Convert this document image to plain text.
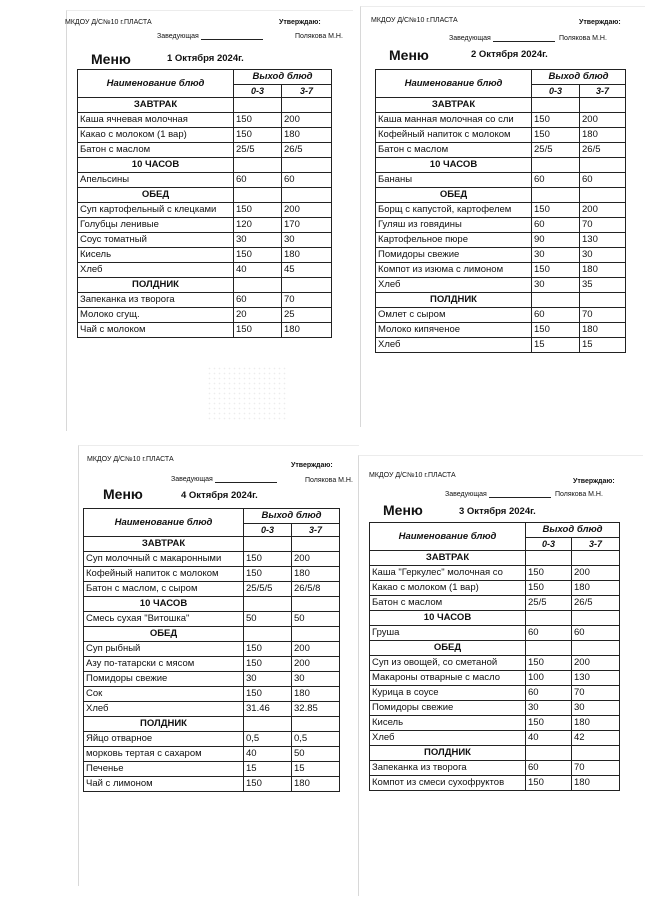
МКДОУ Д/С№10 г.ПЛАСТА	Утверждаю:
Заведующая	Полякова М.Н.
Меню	1 Октября 2024г.
Наименование блюд	Выход блюд	
	0-3	3-7
ЗАВТРАК		
Каша ячневая молочная	150	200
Какао с молоком (1 вар)	150	180
Батон с маслом	25/5	26/5
10 ЧАСОВ		
Апельсины	60	60
ОБЕД		
Суп картофельный с клецками	150	200
Голубцы ленивые	120	170
Соус томатный	30	30
Кисель	150	180
Хлеб	40	45
ПОЛДНИК		
Запеканка из творога	60	70
Молоко сгущ.	20	25
Чай с молоком	150	180
МКДОУ Д/С№10 г.ПЛАСТА	Утверждаю:
Заведующая	Полякова М.Н.
Меню	2 Октября 2024г.
Наименование блюд	Выход блюд	
	0-3	3-7
ЗАВТРАК		
Каша манная молочная со сли	150	200
Кофейный напиток с молоком	150	180
Батон с маслом	25/5	26/5
10 ЧАСОВ		
Бананы	60	60
ОБЕД		
Борщ с капустой, картофелем	150	200
Гуляш из говядины	60	70
Картофельное пюре	90	130
Помидоры свежие	30	30
Компот из изюма с лимоном	150	180
Хлеб	30	35
ПОЛДНИК		
Омлет с сыром	60	70
Молоко кипяченое	150	180
Хлеб	15	15
МКДОУ Д/С№10 г.ПЛАСТА
Утверждаю:
Заведующая	Полякова М.Н.
Меню	4 Октября 2024г.
Наименование блюд	Выход блюд	
	0-3	3-7
ЗАВТРАК		
Суп молочный с макаронными	150	200
Кофейный напиток с молоком	150	180
Батон с маслом, с сыром	25/5/5	26/5/8
10 ЧАСОВ		
Смесь сухая "Витошка"	50	50
ОБЕД		
Суп рыбный	150	200
Азу по-татарски с мясом	150	200
Помидоры свежие	30	30
Сок	150	180
Хлеб	31.46	32.85
ПОЛДНИК		
Яйцо отварное	0,5	0,5
морковь тертая с сахаром	40	50
Печенье	15	15
Чай с лимоном	150	180
МКДОУ Д/С№10 г.ПЛАСТА
Утверждаю:
Заведующая	Полякова М.Н.
Меню	3 Октября 2024г.
Наименование блюд	Выход блюд	
	0-3	3-7
ЗАВТРАК		
Каша "Геркулес" молочная со	150	200
Какао с молоком (1 вар)	150	180
Батон с маслом	25/5	26/5
10 ЧАСОВ		
Груша	60	60
ОБЕД		
Суп из овощей, со сметаной	150	200
Макароны отварные с масло	100	130
Курица в соусе	60	70
Помидоры свежие	30	30
Кисель	150	180
Хлеб	40	42
ПОЛДНИК		
Запеканка из творога	60	70
Компот из смеси сухофруктов	150	180
